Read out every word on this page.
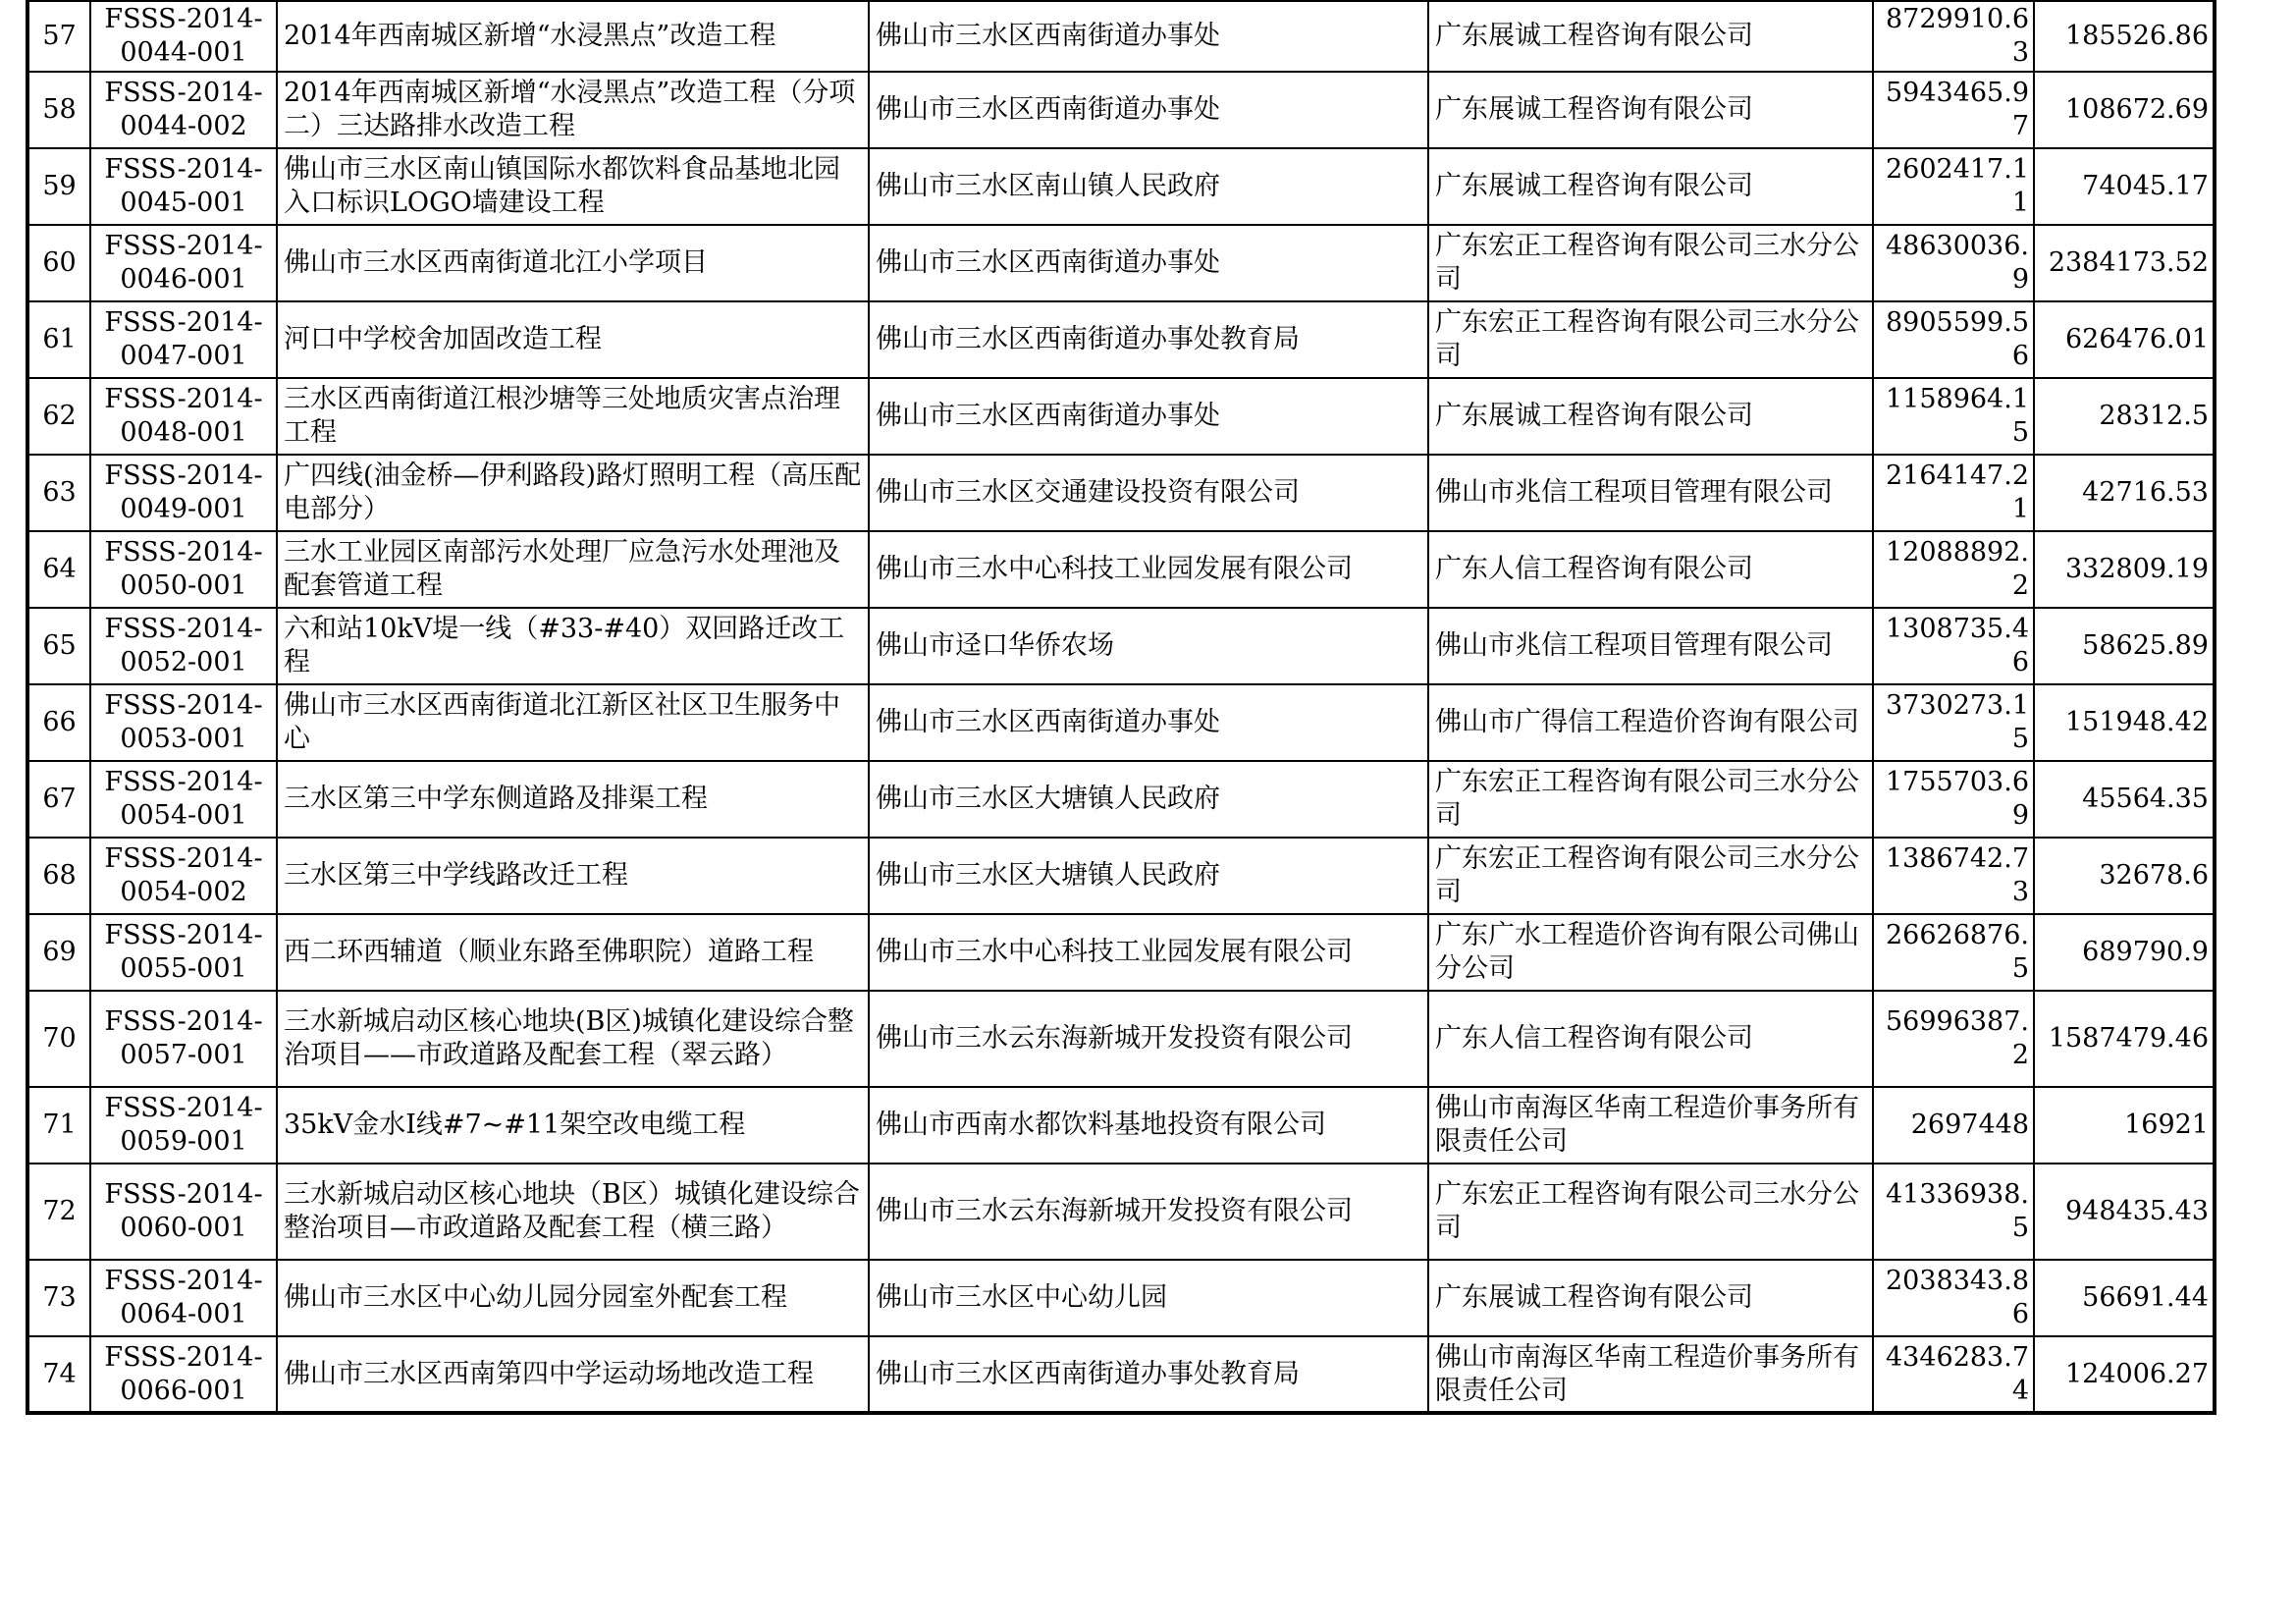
57	FSSS-2014-0044-001	2014年西南城区新增“水浸黑点”改造工程	佛山市三水区西南街道办事处	广东展诚工程咨询有限公司	8729910.63	185526.86
58	FSSS-2014-0044-002	2014年西南城区新增“水浸黑点”改造工程（分项二）三达路排水改造工程	佛山市三水区西南街道办事处	广东展诚工程咨询有限公司	5943465.97	108672.69
59	FSSS-2014-0045-001	佛山市三水区南山镇国际水都饮料食品基地北园入口标识LOGO墙建设工程	佛山市三水区南山镇人民政府	广东展诚工程咨询有限公司	2602417.11	74045.17
60	FSSS-2014-0046-001	佛山市三水区西南街道北江小学项目	佛山市三水区西南街道办事处	广东宏正工程咨询有限公司三水分公司	48630036.9	2384173.52
61	FSSS-2014-0047-001	河口中学校舍加固改造工程	佛山市三水区西南街道办事处教育局	广东宏正工程咨询有限公司三水分公司	8905599.56	626476.01
62	FSSS-2014-0048-001	三水区西南街道江根沙塘等三处地质灾害点治理工程	佛山市三水区西南街道办事处	广东展诚工程咨询有限公司	1158964.15	28312.5
63	FSSS-2014-0049-001	广四线(油金桥—伊利路段)路灯照明工程（高压配电部分）	佛山市三水区交通建设投资有限公司	佛山市兆信工程项目管理有限公司	2164147.21	42716.53
64	FSSS-2014-0050-001	三水工业园区南部污水处理厂应急污水处理池及配套管道工程	佛山市三水中心科技工业园发展有限公司	广东人信工程咨询有限公司	12088892.2	332809.19
65	FSSS-2014-0052-001	六和站10kV堤一线（#33-#40）双回路迁改工程	佛山市迳口华侨农场	佛山市兆信工程项目管理有限公司	1308735.46	58625.89
66	FSSS-2014-0053-001	佛山市三水区西南街道北江新区社区卫生服务中心	佛山市三水区西南街道办事处	佛山市广得信工程造价咨询有限公司	3730273.15	151948.42
67	FSSS-2014-0054-001	三水区第三中学东侧道路及排渠工程	佛山市三水区大塘镇人民政府	广东宏正工程咨询有限公司三水分公司	1755703.69	45564.35
68	FSSS-2014-0054-002	三水区第三中学线路改迁工程	佛山市三水区大塘镇人民政府	广东宏正工程咨询有限公司三水分公司	1386742.73	32678.6
69	FSSS-2014-0055-001	西二环西辅道（顺业东路至佛职院）道路工程	佛山市三水中心科技工业园发展有限公司	广东广水工程造价咨询有限公司佛山分公司	26626876.5	689790.9
70	FSSS-2014-0057-001	三水新城启动区核心地块(B区)城镇化建设综合整治项目——市政道路及配套工程（翠云路）	佛山市三水云东海新城开发投资有限公司	广东人信工程咨询有限公司	56996387.2	1587479.46
71	FSSS-2014-0059-001	35kV金水I线#7~#11架空改电缆工程	佛山市西南水都饮料基地投资有限公司	佛山市南海区华南工程造价事务所有限责任公司	2697448	16921
72	FSSS-2014-0060-001	三水新城启动区核心地块（B区）城镇化建设综合整治项目—市政道路及配套工程（横三路）	佛山市三水云东海新城开发投资有限公司	广东宏正工程咨询有限公司三水分公司	41336938.5	948435.43
73	FSSS-2014-0064-001	佛山市三水区中心幼儿园分园室外配套工程	佛山市三水区中心幼儿园	广东展诚工程咨询有限公司	2038343.86	56691.44
74	FSSS-2014-0066-001	佛山市三水区西南第四中学运动场地改造工程	佛山市三水区西南街道办事处教育局	佛山市南海区华南工程造价事务所有限责任公司	4346283.74	124006.27
